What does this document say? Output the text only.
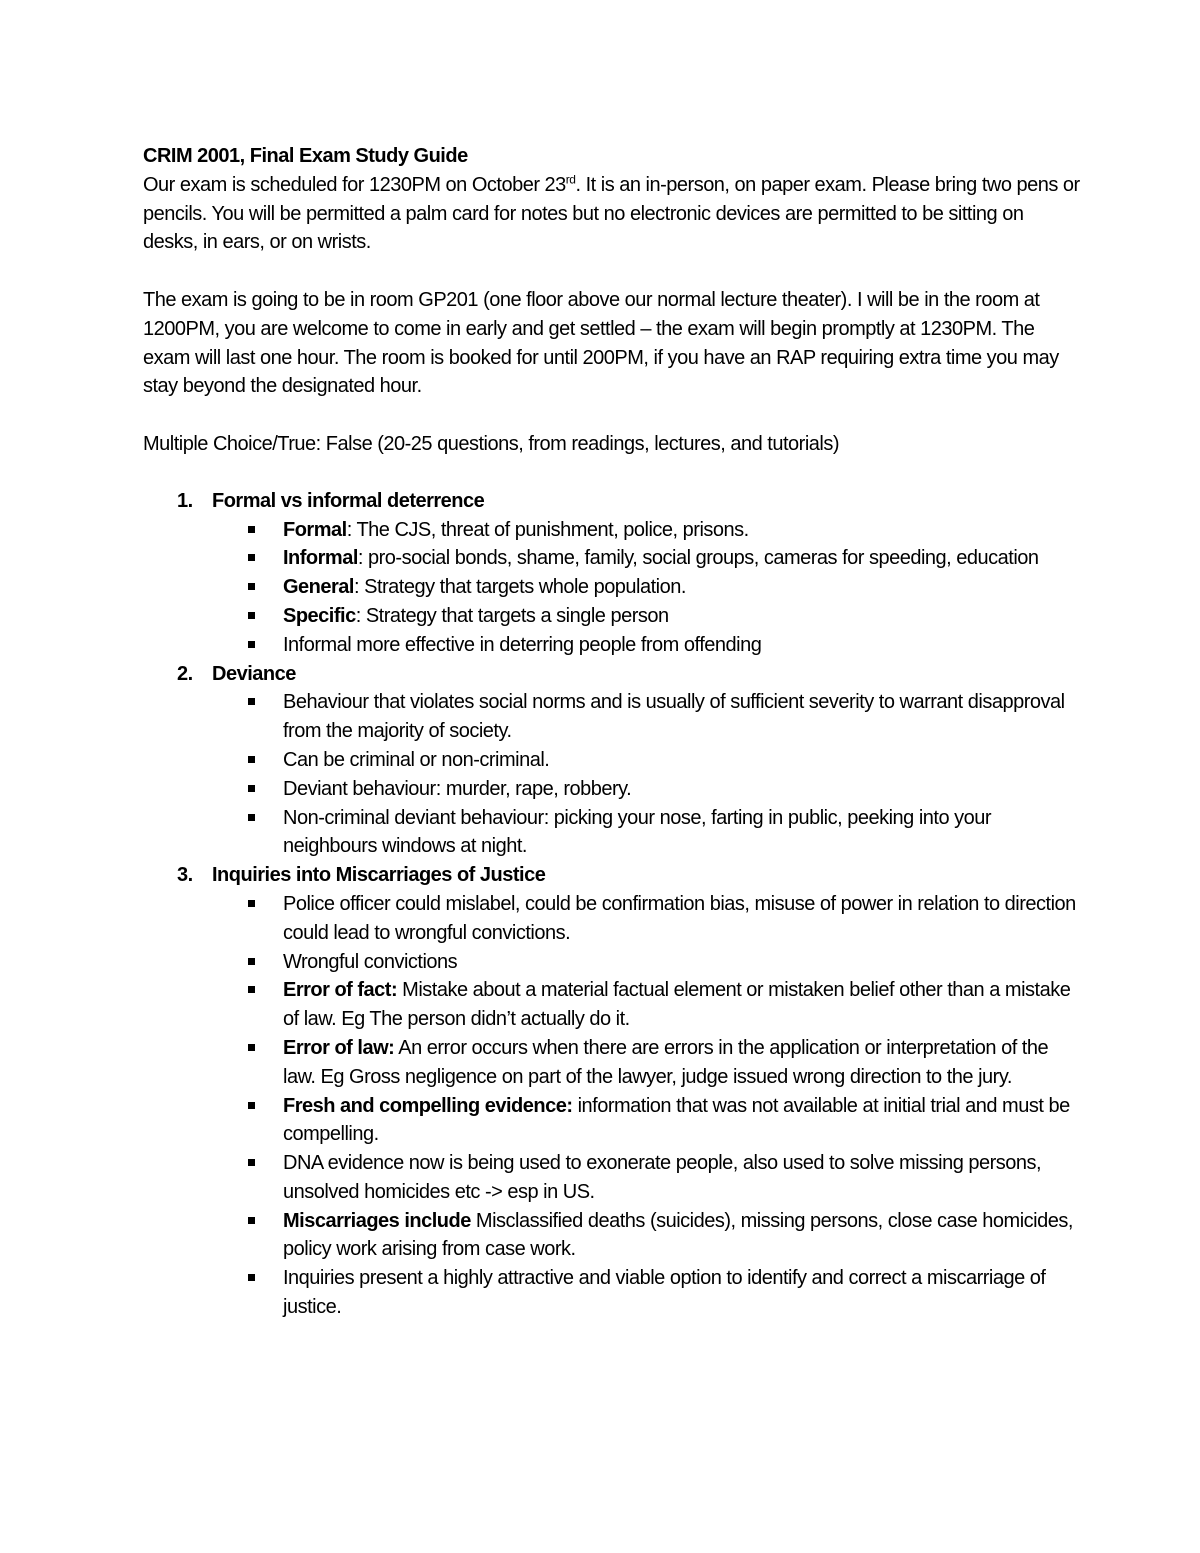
CRIM 2001, Final Exam Study Guide

Our exam is scheduled for 1230PM on October 23rd. It is an in-person, on paper exam. Please bring two pens or pencils. You will be permitted a palm card for notes but no electronic devices are permitted to be sitting on desks, in ears, or on wrists.

The exam is going to be in room GP201 (one floor above our normal lecture theater). I will be in the room at 1200PM, you are welcome to come in early and get settled – the exam will begin promptly at 1230PM. The exam will last one hour. The room is booked for until 200PM, if you have an RAP requiring extra time you may stay beyond the designated hour.

Multiple Choice/True: False (20-25 questions, from readings, lectures, and tutorials)

1. Formal vs informal deterrence
Formal: The CJS, threat of punishment, police, prisons.
Informal: pro-social bonds, shame, family, social groups, cameras for speeding, education
General: Strategy that targets whole population.
Specific: Strategy that targets a single person
Informal more effective in deterring people from offending
2. Deviance
Behaviour that violates social norms and is usually of sufficient severity to warrant disapproval from the majority of society.
Can be criminal or non-criminal.
Deviant behaviour: murder, rape, robbery.
Non-criminal deviant behaviour: picking your nose, farting in public, peeking into your neighbours windows at night.
3. Inquiries into Miscarriages of Justice
Police officer could mislabel, could be confirmation bias, misuse of power in relation to direction could lead to wrongful convictions.
Wrongful convictions
Error of fact: Mistake about a material factual element or mistaken belief other than a mistake of law. Eg The person didn’t actually do it.
Error of law: An error occurs when there are errors in the application or interpretation of the law. Eg Gross negligence on part of the lawyer, judge issued wrong direction to the jury.
Fresh and compelling evidence: information that was not available at initial trial and must be compelling.
DNA evidence now is being used to exonerate people, also used to solve missing persons, unsolved homicides etc -> esp in US.
Miscarriages include Misclassified deaths (suicides), missing persons, close case homicides, policy work arising from case work.
Inquiries present a highly attractive and viable option to identify and correct a miscarriage of justice.
